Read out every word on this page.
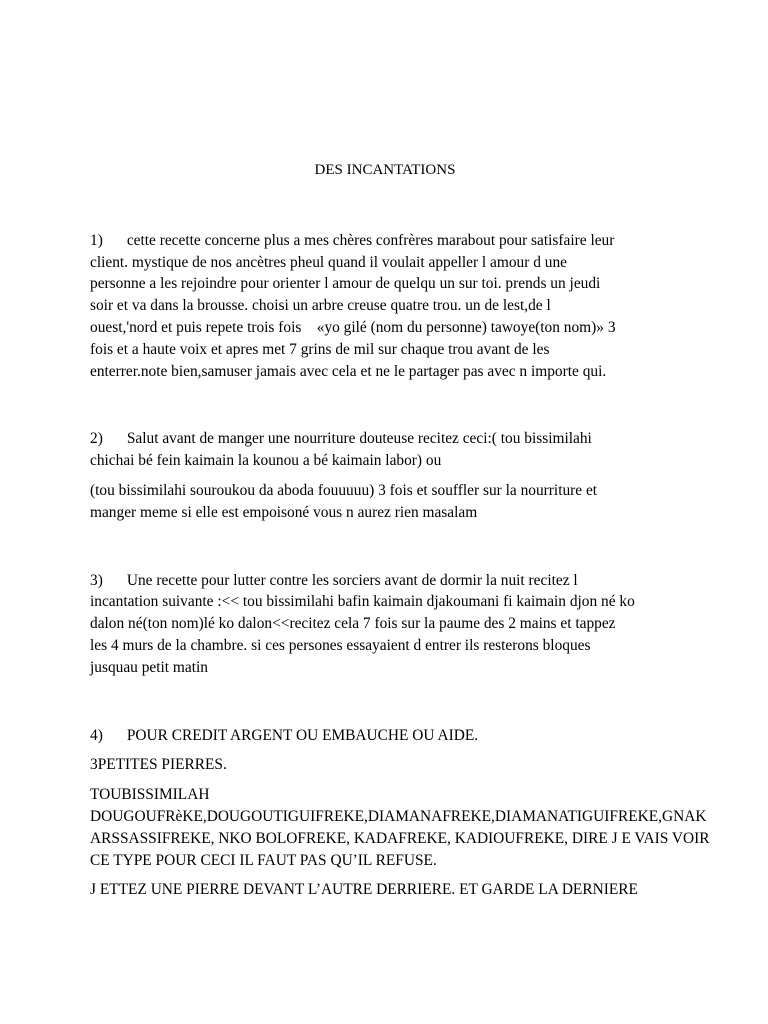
DES INCANTATIONS
1) cette recette concerne plus a mes chères confrères marabout pour satisfaire leur
client. mystique de nos ancètres pheul quand il voulait appeller l amour d une
personne a les rejoindre pour orienter l amour de quelqu un sur toi. prends un jeudi
soir et va dans la brousse. choisi un arbre creuse quatre trou. un de lest,de l
ouest,'nord et puis repete trois fois    «yo gilé (nom du personne) tawoye(ton nom)» 3
fois et a haute voix et apres met 7 grins de mil sur chaque trou avant de les
enterrer.note bien,samuser jamais avec cela et ne le partager pas avec n importe qui.
2) Salut avant de manger une nourriture douteuse recitez ceci:( tou bissimilahi
chichai bé fein kaimain la kounou a bé kaimain labor) ou
(tou bissimilahi souroukou da aboda fouuuuu) 3 fois et souffler sur la nourriture et
manger meme si elle est empoisoné vous n aurez rien masalam
3) Une recette pour lutter contre les sorciers avant de dormir la nuit recitez l
incantation suivante :<< tou bissimilahi bafin kaimain djakoumani fi kaimain djon né ko
dalon né(ton nom)lé ko dalon<<recitez cela 7 fois sur la paume des 2 mains et tappez
les 4 murs de la chambre. si ces persones essayaient d entrer ils resterons bloques
jusquau petit matin
4) POUR CREDIT ARGENT OU EMBAUCHE OU AIDE.
3PETITES PIERRES.
TOUBISSIMILAH
DOUGOUFRèKE,DOUGOUTIGUIFREKE,DIAMANAFREKE,DIAMANATIGUIFREKE,GNAK
ARSSASSIFREKE, NKO BOLOFREKE, KADAFREKE, KADIOUFREKE, DIRE J E VAIS VOIR
CE TYPE POUR CECI IL FAUT PAS QU’IL REFUSE.
J ETTEZ UNE PIERRE DEVANT L’AUTRE DERRIERE. ET GARDE LA DERNIERE
